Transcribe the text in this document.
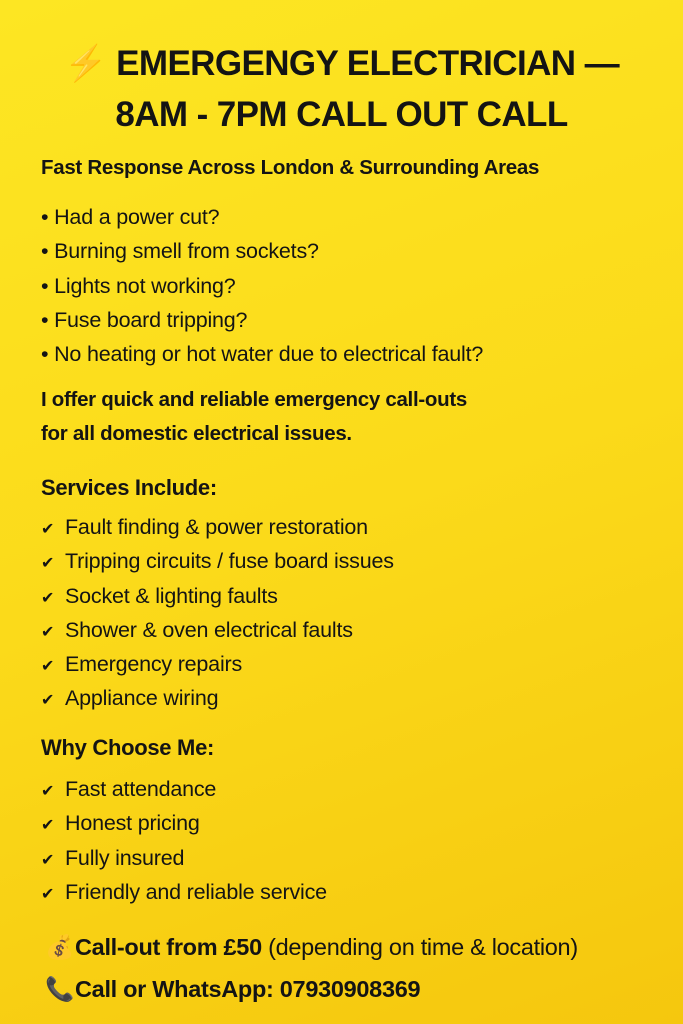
⚡ EMERGENGY ELECTRICIAN —
8AM - 7PM CALL OUT CALL
Fast Response Across London & Surrounding Areas
• Had a power cut?
• Burning smell from sockets?
• Lights not working?
• Fuse board tripping?
• No heating or hot water due to electrical fault?
I offer quick and reliable emergency call-outs
for all domestic electrical issues.
Services Include:
✔ Fault finding & power restoration
✔ Tripping circuits / fuse board issues
✔ Socket & lighting faults
✔ Shower & oven electrical faults
✔ Emergency repairs
✔ Appliance wiring
Why Choose Me:
✔ Fast attendance
✔ Honest pricing
✔ Fully insured
✔ Friendly and reliable service
💰Call-out from £50 (depending on time & location)
📞Call or WhatsApp: 07930908369
